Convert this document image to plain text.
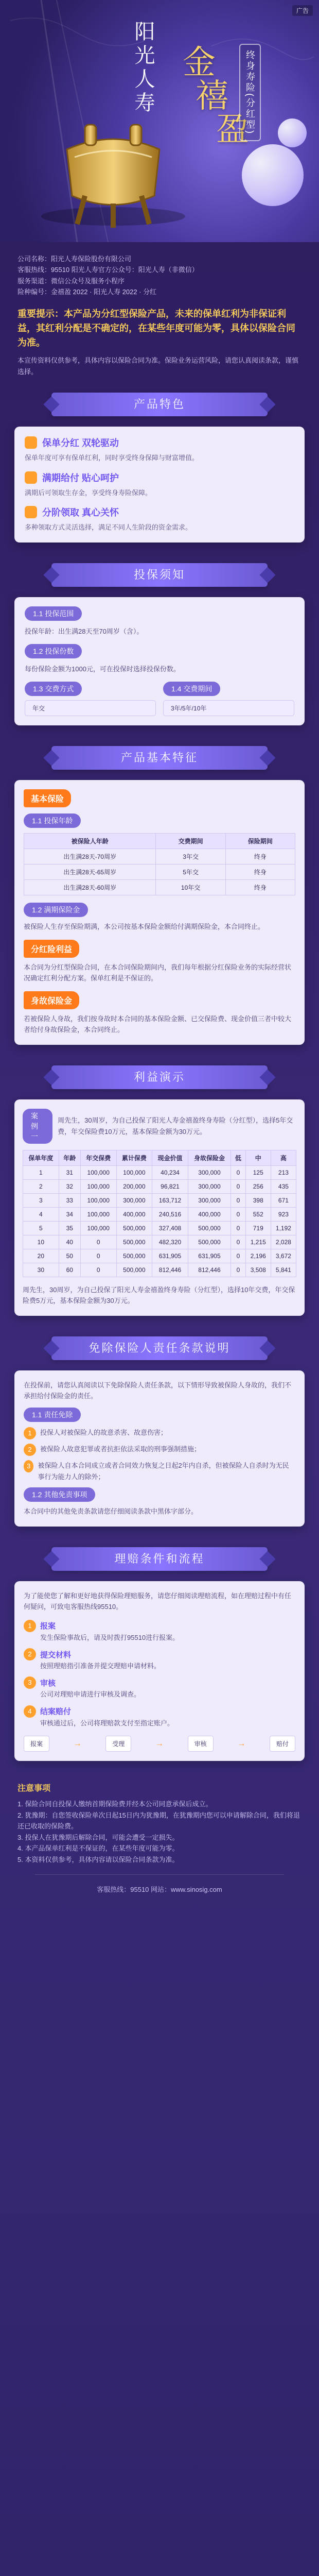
广告
阳光人寿 金
禧
盈
终身寿险(分红型)
公司名称：阳光人寿保险股份有限公司
客服热线：95510 阳光人寿官方公众号：阳光人寿（非微信）
服务渠道：微信公众号及服务小程序
险种编号：金禧盈 2022 · 阳光人寿 2022 · 分红
重要提示：本产品为分红型保险产品，未来的保单红利为非保证利益，其红利分配是不确定的，在某些年度可能为零，具体以保险合同为准。
本宣传资料仅供参考，具体内容以保险合同为准。保险业务运营风险，请您认真阅读条款，谨慎选择。
产品特色
保单分红 双轮驱动
保单年度可享有保单红利，同时享受终身保障与财富增值。
满期给付 贴心呵护
满期后可领取生存金，享受终身寿险保障。
分阶领取 真心关怀
多种领取方式灵活选择，满足不同人生阶段的资金需求。
投保须知
1.1 投保范围
投保年龄：出生满28天至70周岁（含）。
1.2 投保份数
每份保险金额为1000元，可在投保时选择投保份数。
1.3 交费方式 年交
1.4 交费期间 3年/5年/10年
产品基本特征
基本保险
1.1 投保年龄
被保险人年龄	交费期间	保险期间
出生满28天-70周岁	3年交	终身
出生满28天-65周岁	5年交	终身
出生满28天-60周岁	10年交	终身
1.2 满期保险金
被保险人生存至保险期满，本公司按基本保险金额给付满期保险金，本合同终止。
分红险利益
本合同为分红型保险合同，在本合同保险期间内，我们每年根据分红保险业务的实际经营状况确定红利分配方案。保单红利是不保证的。
身故保险金
若被保险人身故，我们按身故时本合同的基本保险金额、已交保险费、现金价值三者中较大者给付身故保险金，本合同终止。
利益演示
案例一
周先生，30周岁，为自己投保了阳光人寿金禧盈终身寿险（分红型），选择5年交费，年交保险费10万元，基本保险金额为30万元。
保单年度	年龄	年交保费	累计保费	现金价值	身故保险金	低	中	高
1	31	100,000	100,000	40,234	300,000	0	125	213
2	32	100,000	200,000	96,821	300,000	0	256	435
3	33	100,000	300,000	163,712	300,000	0	398	671
4	34	100,000	400,000	240,516	400,000	0	552	923
5	35	100,000	500,000	327,408	500,000	0	719	1,192
10	40	0	500,000	482,320	500,000	0	1,215	2,028
20	50	0	500,000	631,905	631,905	0	2,196	3,672
30	60	0	500,000	812,446	812,446	0	3,508	5,841
周先生，30周岁，为自己投保了阳光人寿金禧盈终身寿险（分红型），选择10年交费，年交保险费5万元，基本保险金额为30万元。
免除保险人责任条款说明
在投保前，请您认真阅读以下免除保险人责任条款，以下情形导致被保险人身故的，我们不承担给付保险金的责任。
1.1 责任免除
1	投保人对被保险人的故意杀害、故意伤害；
2	被保险人故意犯罪或者抗拒依法采取的刑事强制措施；
3	被保险人自本合同成立或者合同效力恢复之日起2年内自杀，但被保险人自杀时为无民事行为能力人的除外；
1.2 其他免责事项
本合同中的其他免责条款请您仔细阅读条款中黑体字部分。
理赔条件和流程
为了能使您了解和更好地获得保险理赔服务，请您仔细阅读理赔流程，如在理赔过程中有任何疑问，可致电客服热线95510。
1	报案
发生保险事故后，请及时拨打95510进行报案。
2	提交材料
按照理赔指引准备并提交理赔申请材料。
3	审核
公司对理赔申请进行审核及调查。
4	结案赔付
审核通过后，公司将理赔款支付至指定账户。
报案	→	受理	→	审核	→	赔付
注意事项
1. 保险合同自投保人缴纳首期保险费并经本公司同意承保后成立。
2. 犹豫期：自您签收保险单次日起15日内为犹豫期，在犹豫期内您可以申请解除合同，我们将退还已收取的保险费。
3. 投保人在犹豫期后解除合同，可能会遭受一定损失。
4. 本产品保单红利是不保证的，在某些年度可能为零。
5. 本资料仅供参考，具体内容请以保险合同条款为准。
客服热线：95510 网站：www.sinosig.com
